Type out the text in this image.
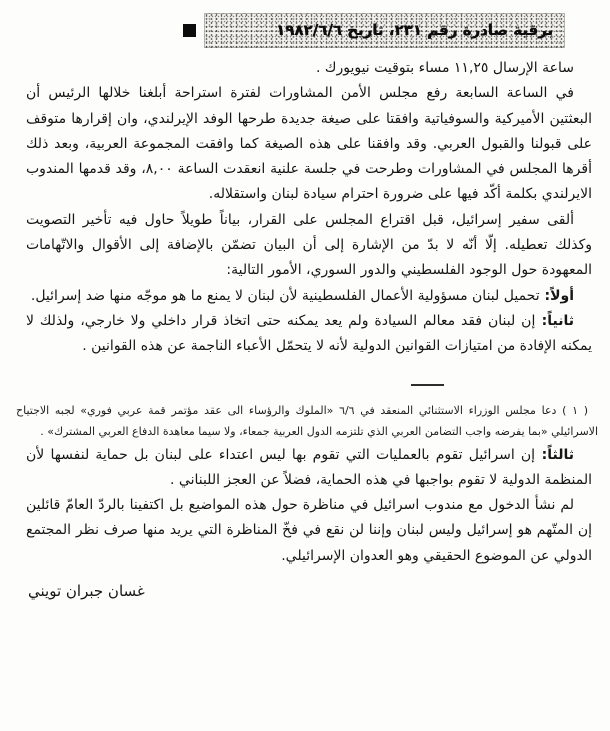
برقية صادرة رقم ٢٣١، تاريخ ١٩٨٢/٦/٦

ساعة الإرسال ١١,٢٥ مساء بتوقيت نيويورك .

في الساعة السابعة رفع مجلس الأمن المشاورات لفترة استراحة أبلغنا خلالها الرئيس أن البعثتين الأميركية والسوفياتية وافقتا على صيغة جديدة طرحها الوفد الإيرلندي، وان إقرارها متوقف على قبولنا والقبول العربي. وقد وافقنا على هذه الصيغة كما وافقت المجموعة العربية، وبعد ذلك أقرها المجلس في المشاورات وطرحت في جلسة علنية انعقدت الساعة ٨,٠٠، وقد قدمها المندوب الايرلندي بكلمة أكّد فيها على ضرورة احترام سيادة لبنان واستقلاله.

ألقى سفير إسرائيل، قبل اقتراع المجلس على القرار، بياناً طويلاً حاول فيه تأخير التصويت وكذلك تعطيله. إلّا أنّه لا بدّ من الإشارة إلى أن البيان تضمّن بالإضافة إلى الأقوال والاتّهامات المعهودة حول الوجود الفلسطيني والدور السوري، الأمور التالية:

أولاً: تحميل لبنان مسؤولية الأعمال الفلسطينية لأن لبنان لا يمنع ما هو موجّه منها ضد إسرائيل.

ثانياً: إن لبنان فقد معالم السيادة ولم يعد يمكنه حتى اتخاذ قرار داخلي ولا خارجي، ولذلك لا يمكنه الإفادة من امتيازات القوانين الدولية لأنه لا يتحمّل الأعباء الناجمة عن هذه القوانين .

( ١ ) دعا مجلس الوزراء الاستثنائي المنعقد في ٦/٦ «الملوك والرؤساء الى عقد مؤتمر قمة عربي فوري» لجبه الاجتياح الاسرائيلي «بما يفرضه واجب التضامن العربي الذي تلتزمه الدول العربية جمعاء، ولا سيما معاهدة الدفاع العربي المشترك» .

ثالثاً: إن اسرائيل تقوم بالعمليات التي تقوم بها ليس اعتداء على لبنان بل حماية لنفسها لأن المنظمة الدولية لا تقوم بواجبها في هذه الحماية، فضلاً عن العجز اللبناني .

لم نشأ الدخول مع مندوب اسرائيل في مناظرة حول هذه المواضيع بل اكتفينا بالردّ العامّ قائلين إن المتّهم هو إسرائيل وليس لبنان وإننا لن نقع في فخّ المناظرة التي يريد منها صرف نظر المجتمع الدولي عن الموضوع الحقيقي وهو العدوان الإسرائيلي.

غسان جبران تويني
